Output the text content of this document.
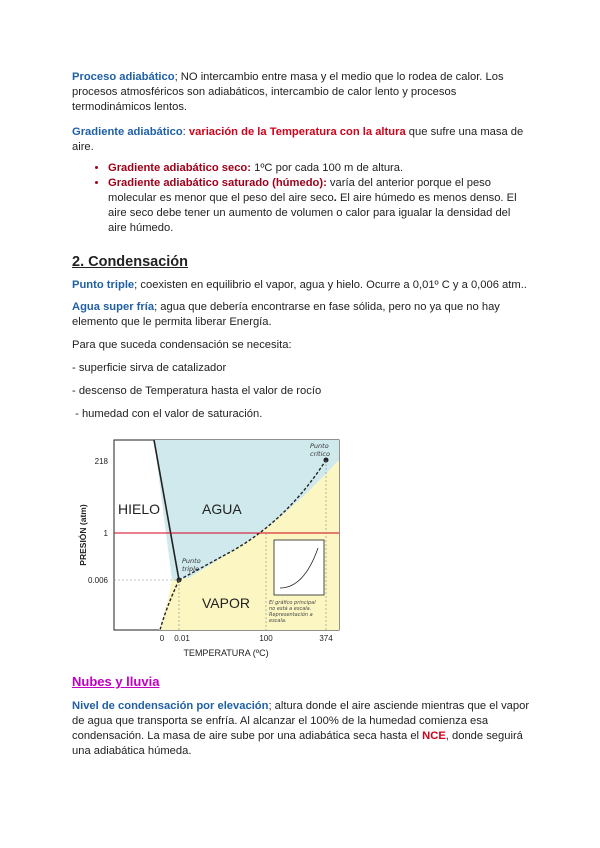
Proceso adiabático; NO intercambio entre masa y el medio que lo rodea de calor. Los procesos atmosféricos son adiabáticos, intercambio de calor lento y procesos termodinámicos lentos.

Gradiente adiabático: variación de la Temperatura con la altura que sufre una masa de aire.

• Gradiente adiabático seco: 1ºC por cada 100 m de altura.
• Gradiente adiabático saturado (húmedo): varía del anterior porque el peso molecular es menor que el peso del aire seco. El aire húmedo es menos denso. El aire seco debe tener un aumento de volumen o calor para igualar la densidad del aire húmedo.
2. Condensación

Punto triple; coexisten en equilibrio el vapor, agua y hielo. Ocurre a 0,01º C y a 0,006 atm..

Agua super fría; agua que debería encontrarse en fase sólida, pero no ya que no hay elemento que le permita liberar Energía.

Para que suceda condensación se necesita:

- superficie sirva de catalizador

- descenso de Temperatura hasta el valor de rocío

- humedad con el valor de saturación.

El gráfico principal
no está a escala.
Representación a
escala.
HIELO	AGUA
VAPOR
Punto
triple
Punto
crítico
218
1
0.006
0 0.01	100	374
TEMPERATURA (ºC)
PRESIÓN (atm)
Nubes y lluvia

Nivel de condensación por elevación; altura donde el aire asciende mientras que el vapor de agua que transporta se enfría. Al alcanzar el 100% de la humedad comienza esa condensación. La masa de aire sube por una adiabática seca hasta el NCE, donde seguirá una adiabática húmeda.
